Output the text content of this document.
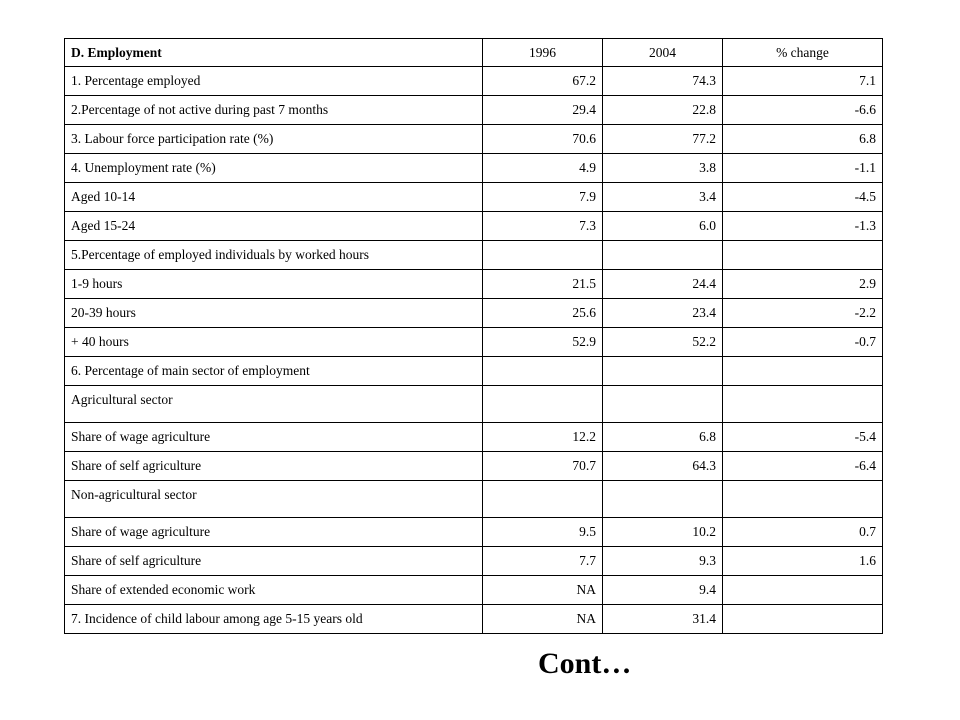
D. Employment	1996	2004	% change
1. Percentage employed	67.2	74.3	7.1
2.Percentage of not active during past 7 months	29.4	22.8	-6.6
3. Labour force participation rate (%)	70.6	77.2	6.8
4. Unemployment rate (%)	4.9	3.8	-1.1
Aged 10-14	7.9	3.4	-4.5
Aged 15-24	7.3	6.0	-1.3
5.Percentage of employed individuals by worked hours			
1-9 hours	21.5	24.4	2.9
20-39 hours	25.6	23.4	-2.2
+ 40 hours	52.9	52.2	-0.7
6. Percentage of main sector of employment			
Agricultural sector			
Share of wage agriculture	12.2	6.8	-5.4
Share of self agriculture	70.7	64.3	-6.4
Non-agricultural sector			
Share of wage agriculture	9.5	10.2	0.7
Share of self agriculture	7.7	9.3	1.6
Share of extended economic work	NA	9.4	
7. Incidence of child labour among age 5-15 years old	NA	31.4	
Cont…
